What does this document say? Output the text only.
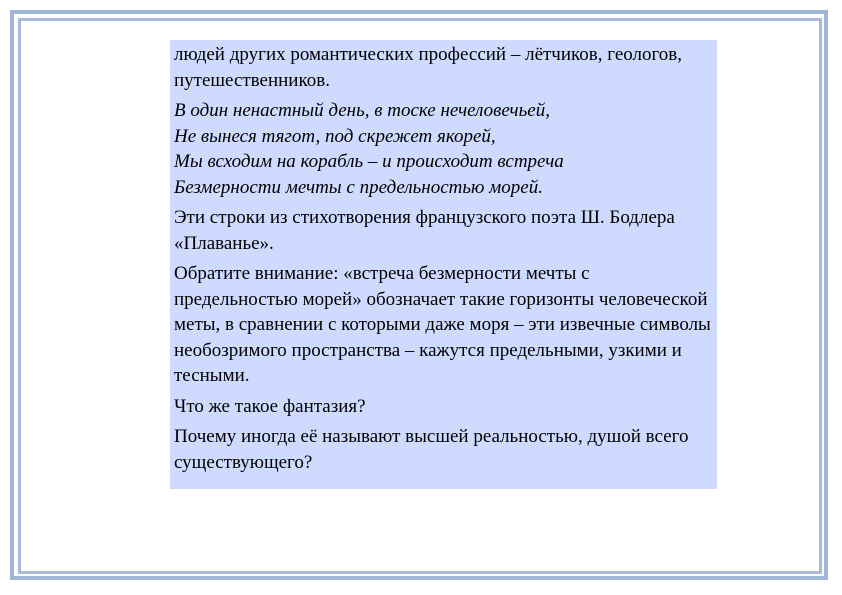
людей других романтических профессий – лётчиков, геологов, путешественников.

В один ненастный день, в тоске нечеловечьей,
Не вынеся тягот, под скрежет якорей,
Мы всходим на корабль – и происходит встреча
Безмерности мечты с предельностью морей.

Эти строки из стихотворения французского поэта Ш. Бодлера «Плаванье».

Обратите внимание: «встреча безмерности мечты с предельностью морей» обозначает такие горизонты человеческой меты, в сравнении с которыми даже моря – эти извечные символы необозримого пространства – кажутся предельными, узкими и тесными.

Что же такое фантазия?

Почему иногда её называют высшей реальностью, душой всего существующего?
